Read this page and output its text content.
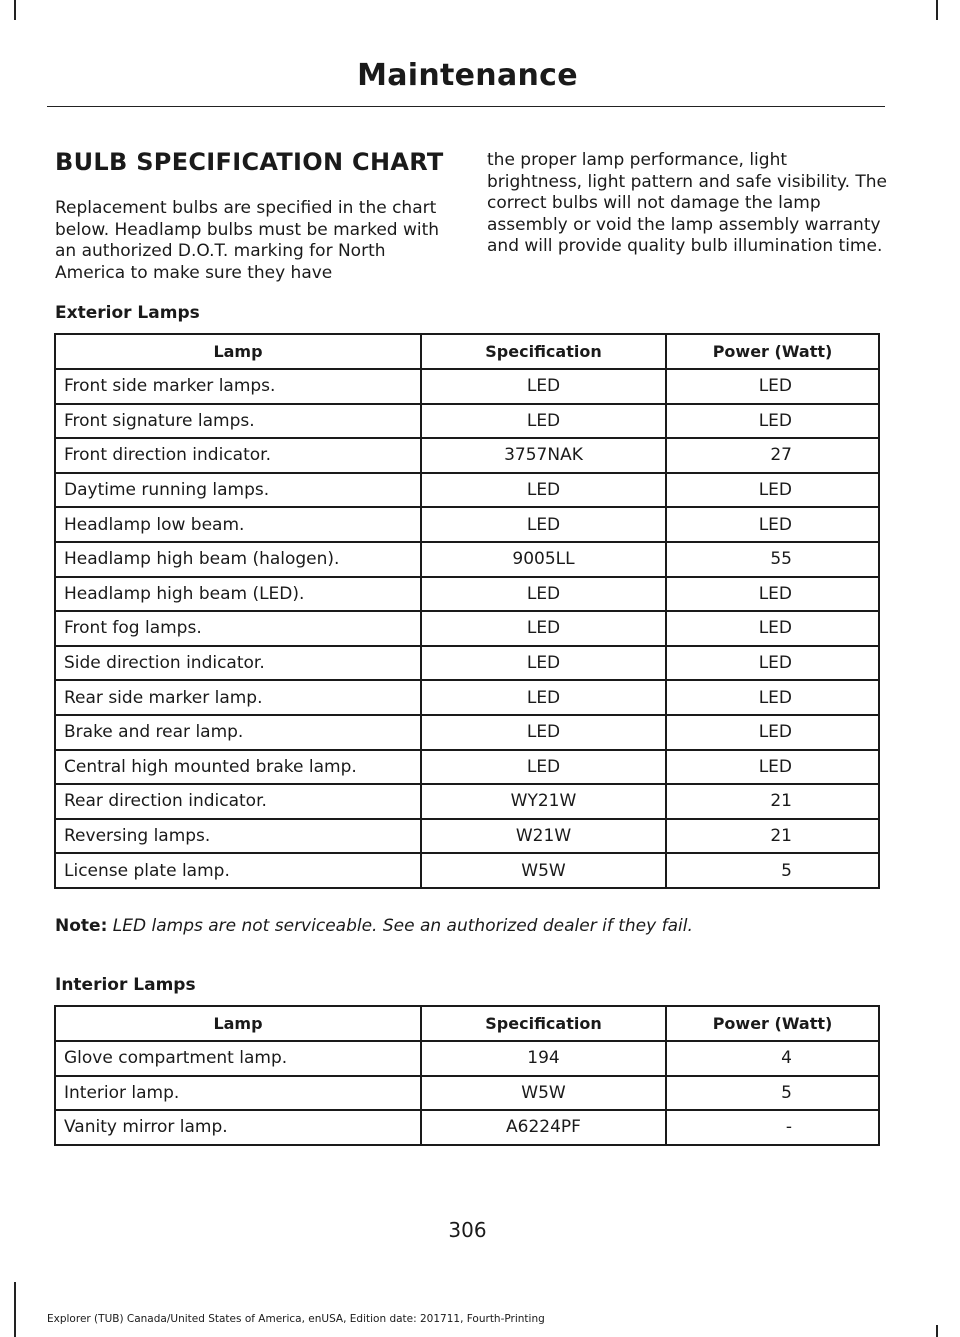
Maintenance
BULB SPECIFICATION CHART

Replacement bulbs are specified in the chart below. Headlamp bulbs must be marked with an authorized D.O.T. marking for North America to make sure they have

the proper lamp performance, light brightness, light pattern and safe visibility. The correct bulbs will not damage the lamp assembly or void the lamp assembly warranty and will provide quality bulb illumination time.

Exterior Lamps
Lamp	Specification	Power (Watt)
Front side marker lamps.	LED	LED
Front signature lamps.	LED	LED
Front direction indicator.	3757NAK	27
Daytime running lamps.	LED	LED
Headlamp low beam.	LED	LED
Headlamp high beam (halogen).	9005LL	55
Headlamp high beam (LED).	LED	LED
Front fog lamps.	LED	LED
Side direction indicator.	LED	LED
Rear side marker lamp.	LED	LED
Brake and rear lamp.	LED	LED
Central high mounted brake lamp.	LED	LED
Rear direction indicator.	WY21W	21
Reversing lamps.	W21W	21
License plate lamp.	W5W	5
Note: LED lamps are not serviceable. See an authorized dealer if they fail.
Interior Lamps
Lamp	Specification	Power (Watt)
Glove compartment lamp.	194	4
Interior lamp.	W5W	5
Vanity mirror lamp.	A6224PF	-
306
Explorer (TUB) Canada/United States of America, enUSA, Edition date: 201711, Fourth-Printing
